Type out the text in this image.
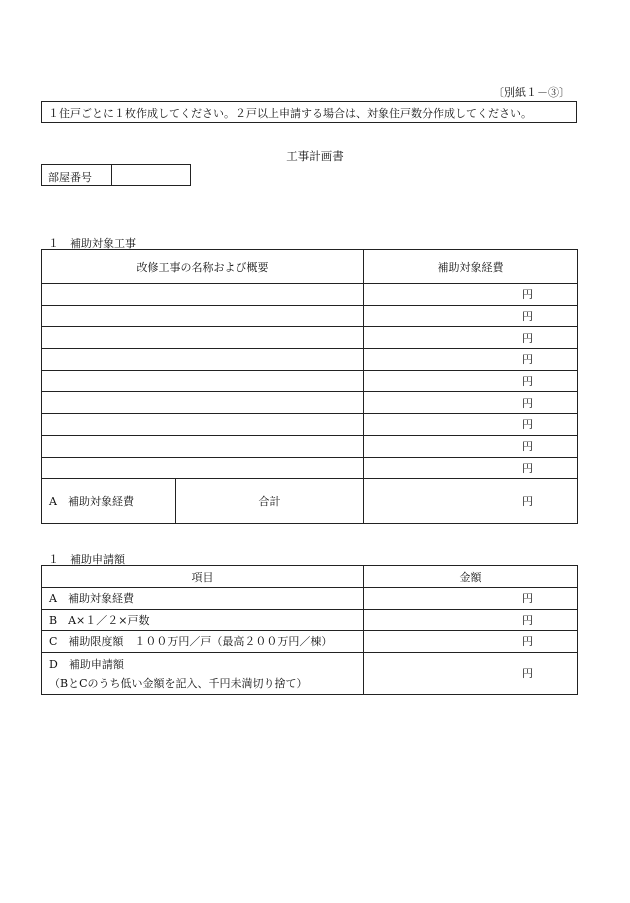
〔別紙１－③〕
１住戸ごとに１枚作成してください。２戸以上申請する場合は、対象住戸数分作成してください。
工事計画書
部屋番号
１　補助対象工事
改修工事の名称および概要		補助対象経費
		円
		円
		円
		円
		円
		円
		円
		円
		円
A　補助対象経費	合計	円
１　補助申請額
項目	金額
A　補助対象経費	円
B　A×１／２×戸数	円
C　補助限度額　１００万円／戸（最高２００万円／棟）	円

D　補助申請額
（BとCのうち低い金額を記入、千円未満切り捨て）	円
